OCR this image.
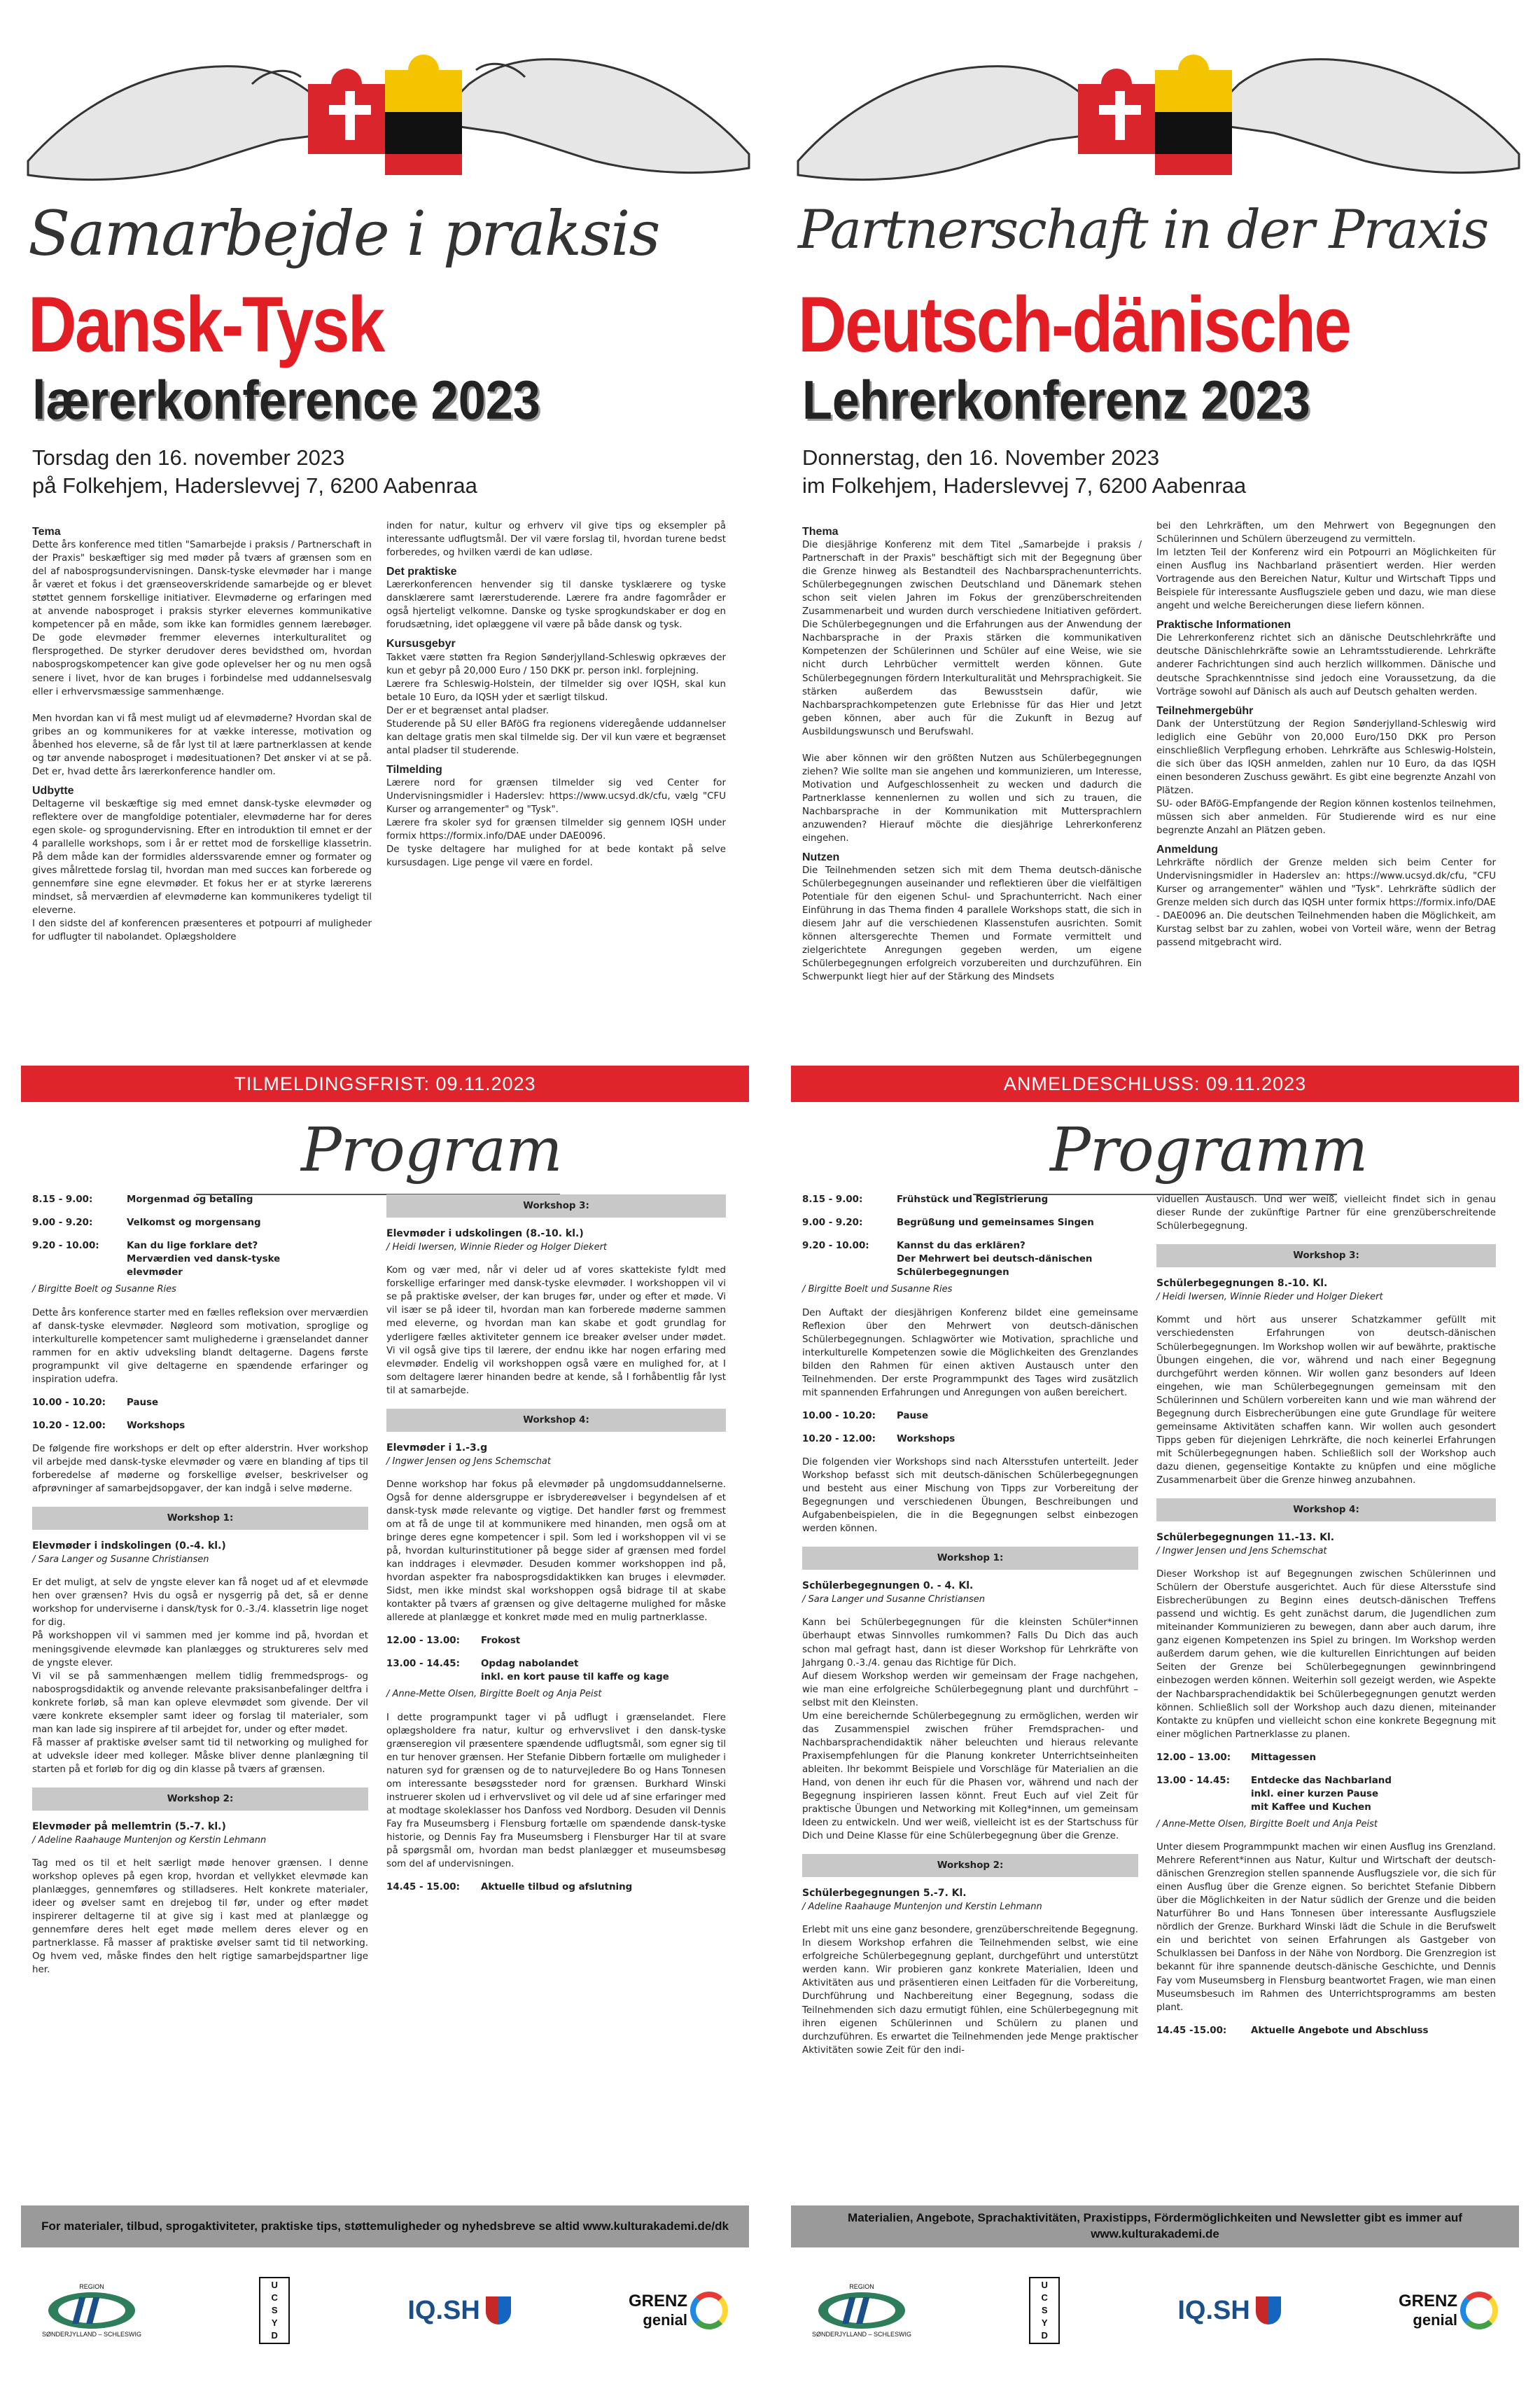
Samarbejde i praksis
Dansk-Tysk
lærerkonference 2023
Torsdag den 16. november 2023
på Folkehjem, Haderslevvej 7, 6200 Aabenraa
Tema

Dette års konference med titlen "Samarbejde i praksis / Partnerschaft in der Praxis" beskæftiger sig med møder på tværs af grænsen som en del af nabosprogsundervisningen. Dansk-tyske elevmøder har i mange år været et fokus i det grænseoverskridende samarbejde og er blevet støttet gennem forskellige initiativer. Elevmøderne og erfaringen med at anvende nabosproget i praksis styrker elevernes kommunikative kompetencer på en måde, som ikke kan formidles gennem lærebøger. De gode elevmøder fremmer elevernes interkulturalitet og flersprogethed. De styrker derudover deres bevidsthed om, hvordan nabosprogskompetencer kan give gode oplevelser her og nu men også senere i livet, hvor de kan bruges i forbindelse med uddannelsesvalg eller i erhvervsmæssige sammenhænge.

Men hvordan kan vi få mest muligt ud af elevmøderne? Hvordan skal de gribes an og kommunikeres for at vække interesse, motivation og åbenhed hos eleverne, så de får lyst til at lære partnerklassen at kende og tør anvende nabosproget i mødesituationen? Det ønsker vi at se på. Det er, hvad dette års lærerkonference handler om.

Udbytte

Deltagerne vil beskæftige sig med emnet dansk-tyske elevmøder og reflektere over de mangfoldige potentialer, elevmøderne har for deres egen skole- og sprogundervisning. Efter en introduktion til emnet er der 4 parallelle workshops, som i år er rettet mod de forskellige klassetrin. På dem måde kan der formidles alderssvarende emner og formater og gives målrettede forslag til, hvordan man med succes kan forberede og gennemføre sine egne elevmøder. Et fokus her er at styrke lærerens mindset, så merværdien af elevmøderne kan kommunikeres tydeligt til eleverne.
I den sidste del af konferencen præsenteres et potpourri af muligheder for udflugter til nabolandet. Oplægsholdere

inden for natur, kultur og erhverv vil give tips og eksempler på interessante udflugtsmål. Der vil være forslag til, hvordan turene bedst forberedes, og hvilken værdi de kan udløse.

Det praktiske

Lærerkonferencen henvender sig til danske tysklærere og tyske dansklærere samt lærerstuderende. Lærere fra andre fagområder er også hjerteligt velkomne. Danske og tyske sprogkundskaber er dog en forudsætning, idet oplæggene vil være på både dansk og tysk.

Kursusgebyr

Takket være støtten fra Region Sønderjylland-Schleswig opkræves der kun et gebyr på 20,000 Euro / 150 DKK pr. person inkl. forplejning.
Lærere fra Schleswig-Holstein, der tilmelder sig over IQSH, skal kun betale 10 Euro, da IQSH yder et særligt tilskud.
Der er et begrænset antal pladser.
Studerende på SU eller BAföG fra regionens videregående uddannelser kan deltage gratis men skal tilmelde sig. Der vil kun være et begrænset antal pladser til studerende.

Tilmelding

Lærere nord for grænsen tilmelder sig ved Center for Undervisningsmidler i Haderslev: https://www.ucsyd.dk/cfu, vælg "CFU Kurser og arrangementer" og "Tysk".
Lærere fra skoler syd for grænsen tilmelder sig gennem IQSH under formix https://formix.info/DAE under DAE0096.
De tyske deltagere har mulighed for at bede kontakt på selve kursusdagen. Lige penge vil være en fordel.

TILMELDINGSFRIST: 09.11.2023
Program
8.15 - 9.00:	Morgenmad og betaling
9.00 - 9.20:	Velkomst og morgensang
9.20 - 10.00:	Kan du lige forklare det?
Merværdien ved dansk-tyske
elevmøder
/ Birgitte Boelt og Susanne Ries
Dette års konference starter med en fælles refleksion over merværdien af dansk-tyske elevmøder. Nøgleord som motivation, sproglige og interkulturelle kompetencer samt mulighederne i grænselandet danner rammen for en aktiv udveksling blandt deltagerne. Dagens første programpunkt vil give deltagerne en spændende erfaringer og inspiration udefra.
10.00 - 10.20:	Pause
10.20 - 12.00:	Workshops
De følgende fire workshops er delt op efter alderstrin. Hver workshop vil arbejde med dansk-tyske elevmøder og være en blanding af tips til forberedelse af møderne og forskellige øvelser, beskrivelser og afprøvninger af samarbejdsopgaver, der kan indgå i selve møderne.
Workshop 1:
Elevmøder i indskolingen (0.-4. kl.)
/ Sara Langer og Susanne Christiansen
Er det muligt, at selv de yngste elever kan få noget ud af et elevmøde hen over grænsen? Hvis du også er nysgerrig på det, så er denne workshop for underviserne i dansk/tysk for 0.-3./4. klassetrin lige noget for dig.
På workshoppen vil vi sammen med jer komme ind på, hvordan et meningsgivende elevmøde kan planlægges og struktureres selv med de yngste elever.
Vi vil se på sammenhængen mellem tidlig fremmedsprogs- og nabosprogsdidaktik og anvende relevante praksisanbefalinger deltfra i konkrete forløb, så man kan opleve elevmødet som givende. Der vil være konkrete eksempler samt ideer og forslag til materialer, som man kan lade sig inspirere af til arbejdet for, under og efter mødet.
Få masser af praktiske øvelser samt tid til networking og mulighed for at udveksle ideer med kolleger. Måske bliver denne planlægning til starten på et forløb for dig og din klasse på tværs af grænsen.
Workshop 2:
Elevmøder på mellemtrin (5.-7. kl.)
/ Adeline Raahauge Muntenjon og Kerstin Lehmann
Tag med os til et helt særligt møde henover grænsen. I denne workshop opleves på egen krop, hvordan et vellykket elevmøde kan planlægges, gennemføres og stilladseres. Helt konkrete materialer, ideer og øvelser samt en drejebog til før, under og efter mødet inspirerer deltagerne til at give sig i kast med at planlægge og gennemføre deres helt eget møde mellem deres elever og en partnerklasse. Få masser af praktiske øvelser samt tid til networking. Og hvem ved, måske findes den helt rigtige samarbejdspartner lige her.
Workshop 3:
Elevmøder i udskolingen (8.-10. kl.)
/ Heidi Iwersen, Winnie Rieder og Holger Diekert
Kom og vær med, når vi deler ud af vores skattekiste fyldt med forskellige erfaringer med dansk-tyske elevmøder. I workshoppen vil vi se på praktiske øvelser, der kan bruges før, under og efter et møde. Vi vil især se på ideer til, hvordan man kan forberede møderne sammen med eleverne, og hvordan man kan skabe et godt grundlag for yderligere fælles aktiviteter gennem ice breaker øvelser under mødet. Vi vil også give tips til lærere, der endnu ikke har nogen erfaring med elevmøder. Endelig vil workshoppen også være en mulighed for, at I som deltagere lærer hinanden bedre at kende, så I forhåbentlig får lyst til at samarbejde.
Workshop 4:
Elevmøder i 1.-3.g
/ Ingwer Jensen og Jens Schemschat
Denne workshop har fokus på elevmøder på ungdomsuddannelserne. Også for denne aldersgruppe er isbrydereøvelser i begyndelsen af et dansk-tysk møde relevante og vigtige. Det handler først og fremmest om at få de unge til at kommunikere med hinanden, men også om at bringe deres egne kompetencer i spil. Som led i workshoppen vil vi se på, hvordan kulturinstitutioner på begge sider af grænsen med fordel kan inddrages i elevmøder. Desuden kommer workshoppen ind på, hvordan aspekter fra nabosprogsdidaktikken kan bruges i elevmøder. Sidst, men ikke mindst skal workshoppen også bidrage til at skabe kontakter på tværs af grænsen og give deltagerne mulighed for måske allerede at planlægge et konkret møde med en mulig partnerklasse.
12.00 - 13.00:	Frokost
13.00 - 14.45:	Opdag nabolandet
inkl. en kort pause til kaffe og kage
/ Anne-Mette Olsen, Birgitte Boelt og Anja Peist
I dette programpunkt tager vi på udflugt i grænselandet. Flere oplægsholdere fra natur, kultur og erhvervslivet i den dansk-tyske grænseregion vil præsentere spændende udflugtsmål, som egner sig til en tur henover grænsen. Her Stefanie Dibbern fortælle om muligheder i naturen syd for grænsen og de to naturvejledere Bo og Hans Tonnesen om interessante besøgssteder nord for grænsen. Burkhard Winski instruerer skolen ud i erhvervslivet og vil dele ud af sine erfaringer med at modtage skoleklasser hos Danfoss ved Nordborg. Desuden vil Dennis Fay fra Museumsberg i Flensburg fortælle om spændende dansk-tyske historie, og Dennis Fay fra Museumsberg i Flensburger Har til at svare på spørgsmål om, hvordan man bedst planlægger et museumsbesøg som del af undervisningen.
14.45 - 15.00:	Aktuelle tilbud og afslutning
For materialer, tilbud, sprogaktiviteter, praktiske tips, støttemuligheder og nyhedsbreve se altid www.kulturakademi.de/dk
REGION
SØNDERJYLLAND – SCHLESWIG
U
C
S
Y
D
IQ.SH	GRENZ
genial
Partnerschaft in der Praxis
Deutsch-dänische
Lehrerkonferenz 2023
Donnerstag, den 16. November 2023
im Folkehjem, Haderslevvej 7, 6200 Aabenraa
Thema

Die diesjährige Konferenz mit dem Titel „Samarbejde i praksis / Partnerschaft in der Praxis" beschäftigt sich mit der Begegnung über die Grenze hinweg als Bestandteil des Nachbarsprachenunterrichts. Schülerbegegnungen zwischen Deutschland und Dänemark stehen schon seit vielen Jahren im Fokus der grenzüberschreitenden Zusammenarbeit und wurden durch verschiedene Initiativen gefördert. Die Schülerbegegnungen und die Erfahrungen aus der Anwendung der Nachbarsprache in der Praxis stärken die kommunikativen Kompetenzen der Schülerinnen und Schüler auf eine Weise, wie sie nicht durch Lehrbücher vermittelt werden können. Gute Schülerbegegnungen fördern Interkulturalität und Mehrsprachigkeit. Sie stärken außerdem das Bewusstsein dafür, wie Nachbarsprachkompetenzen gute Erlebnisse für das Hier und Jetzt geben können, aber auch für die Zukunft in Bezug auf Ausbildungswunsch und Berufswahl.

Wie aber können wir den größten Nutzen aus Schülerbegegnungen ziehen? Wie sollte man sie angehen und kommunizieren, um Interesse, Motivation und Aufgeschlossenheit zu wecken und dadurch die Partnerklasse kennenlernen zu wollen und sich zu trauen, die Nachbarsprache in der Kommunikation mit Muttersprachlern anzuwenden? Hierauf möchte die diesjährige Lehrerkonferenz eingehen.

Nutzen

Die Teilnehmenden setzen sich mit dem Thema deutsch-dänische Schülerbegegnungen auseinander und reflektieren über die vielfältigen Potentiale für den eigenen Schul- und Sprachunterricht. Nach einer Einführung in das Thema finden 4 parallele Workshops statt, die sich in diesem Jahr auf die verschiedenen Klassenstufen ausrichten. Somit können altersgerechte Themen und Formate vermittelt und zielgerichtete Anregungen gegeben werden, um eigene Schülerbegegnungen erfolgreich vorzubereiten und durchzuführen. Ein Schwerpunkt liegt hier auf der Stärkung des Mindsets

bei den Lehrkräften, um den Mehrwert von Begegnungen den Schülerinnen und Schülern überzeugend zu vermitteln.
Im letzten Teil der Konferenz wird ein Potpourri an Möglichkeiten für einen Ausflug ins Nachbarland präsentiert werden. Hier werden Vortragende aus den Bereichen Natur, Kultur und Wirtschaft Tipps und Beispiele für interessante Ausflugsziele geben und dazu, wie man diese angeht und welche Bereicherungen diese liefern können.

Praktische Informationen

Die Lehrerkonferenz richtet sich an dänische Deutschlehrkräfte und deutsche Dänischlehrkräfte sowie an Lehramtsstudierende. Lehrkräfte anderer Fachrichtungen sind auch herzlich willkommen. Dänische und deutsche Sprachkenntnisse sind jedoch eine Voraussetzung, da die Vorträge sowohl auf Dänisch als auch auf Deutsch gehalten werden.

Teilnehmergebühr

Dank der Unterstützung der Region Sønderjylland-Schleswig wird lediglich eine Gebühr von 20,000 Euro/150 DKK pro Person einschließlich Verpflegung erhoben. Lehrkräfte aus Schleswig-Holstein, die sich über das IQSH anmelden, zahlen nur 10 Euro, da das IQSH einen besonderen Zuschuss gewährt. Es gibt eine begrenzte Anzahl von Plätzen.
SU- oder BAföG-Empfangende der Region können kostenlos teilnehmen, müssen sich aber anmelden. Für Studierende wird es nur eine begrenzte Anzahl an Plätzen geben.

Anmeldung

Lehrkräfte nördlich der Grenze melden sich beim Center for Undervisningsmidler in Haderslev an: https://www.ucsyd.dk/cfu, "CFU Kurser og arrangementer" wählen und "Tysk". Lehrkräfte südlich der Grenze melden sich durch das IQSH unter formix https://formix.info/DAE - DAE0096 an. Die deutschen Teilnehmenden haben die Möglichkeit, am Kurstag selbst bar zu zahlen, wobei von Vorteil wäre, wenn der Betrag passend mitgebracht wird.

ANMELDESCHLUSS: 09.11.2023
Programm
8.15 - 9.00:	Frühstück und Registrierung
9.00 - 9.20:	Begrüßung und gemeinsames Singen
9.20 - 10.00:	Kannst du das erklären?
Der Mehrwert bei deutsch-dänischen
Schülerbegegnungen
/ Birgitte Boelt und Susanne Ries
Den Auftakt der diesjährigen Konferenz bildet eine gemeinsame Reflexion über den Mehrwert von deutsch-dänischen Schülerbegegnungen. Schlagwörter wie Motivation, sprachliche und interkulturelle Kompetenzen sowie die Möglichkeiten des Grenzlandes bilden den Rahmen für einen aktiven Austausch unter den Teilnehmenden. Der erste Programmpunkt des Tages wird zusätzlich mit spannenden Erfahrungen und Anregungen von außen bereichert.
10.00 - 10.20:	Pause
10.20 - 12.00:	Workshops
Die folgenden vier Workshops sind nach Altersstufen unterteilt. Jeder Workshop befasst sich mit deutsch-dänischen Schülerbegegnungen und besteht aus einer Mischung von Tipps zur Vorbereitung der Begegnungen und verschiedenen Übungen, Beschreibungen und Aufgabenbeispielen, die in die Begegnungen selbst einbezogen werden können.
Workshop 1:
Schülerbegegnungen 0. - 4. Kl.
/ Sara Langer und Susanne Christiansen
Kann bei Schülerbegegnungen für die kleinsten Schüler*innen überhaupt etwas Sinnvolles rumkommen? Falls Du Dich das auch schon mal gefragt hast, dann ist dieser Workshop für Lehrkräfte von Jahrgang 0.-3./4. genau das Richtige für Dich.
Auf diesem Workshop werden wir gemeinsam der Frage nachgehen, wie man eine erfolgreiche Schülerbegegnung plant und durchführt – selbst mit den Kleinsten.
Um eine bereichernde Schülerbegegnung zu ermöglichen, werden wir das Zusammenspiel zwischen früher Fremdsprachen- und Nachbarsprachendidaktik näher beleuchten und hieraus relevante Praxisempfehlungen für die Planung konkreter Unterrichtseinheiten ableiten. Ihr bekommt Beispiele und Vorschläge für Materialien an die Hand, von denen ihr euch für die Phasen vor, während und nach der Begegnung inspirieren lassen könnt. Freut Euch auf viel Zeit für praktische Übungen und Networking mit Kolleg*innen, um gemeinsam Ideen zu entwickeln. Und wer weiß, vielleicht ist es der Startschuss für Dich und Deine Klasse für eine Schülerbegegnung über die Grenze.
Workshop 2:
Schülerbegegnungen 5.-7. Kl.
/ Adeline Raahauge Muntenjon und Kerstin Lehmann
Erlebt mit uns eine ganz besondere, grenzüberschreitende Begegnung. In diesem Workshop erfahren die Teilnehmenden selbst, wie eine erfolgreiche Schülerbegegnung geplant, durchgeführt und unterstützt werden kann. Wir probieren ganz konkrete Materialien, Ideen und Aktivitäten aus und präsentieren einen Leitfaden für die Vorbereitung, Durchführung und Nachbereitung einer Begegnung, sodass die Teilnehmenden sich dazu ermutigt fühlen, eine Schülerbegegnung mit ihren eigenen Schülerinnen und Schülern zu planen und durchzuführen. Es erwartet die Teilnehmenden jede Menge praktischer Aktivitäten sowie Zeit für den indi-
viduellen Austausch. Und wer weiß, vielleicht findet sich in genau dieser Runde der zukünftige Partner für eine grenzüberschreitende Schülerbegegnung.
Workshop 3:
Schülerbegegnungen 8.-10. Kl.
/ Heidi Iwersen, Winnie Rieder und Holger Diekert
Kommt und hört aus unserer Schatzkammer gefüllt mit verschiedensten Erfahrungen von deutsch-dänischen Schülerbegegnungen. Im Workshop wollen wir auf bewährte, praktische Übungen eingehen, die vor, während und nach einer Begegnung durchgeführt werden können. Wir wollen ganz besonders auf Ideen eingehen, wie man Schülerbegegnungen gemeinsam mit den Schülerinnen und Schülern vorbereiten kann und wie man während der Begegnung durch Eisbrecherübungen eine gute Grundlage für weitere gemeinsame Aktivitäten schaffen kann. Wir wollen auch gesondert Tipps geben für diejenigen Lehrkräfte, die noch keinerlei Erfahrungen mit Schülerbegegnungen haben. Schließlich soll der Workshop auch dazu dienen, gegenseitige Kontakte zu knüpfen und eine mögliche Zusammenarbeit über die Grenze hinweg anzubahnen.
Workshop 4:
Schülerbegegnungen 11.-13. Kl.
/ Ingwer Jensen und Jens Schemschat
Dieser Workshop ist auf Begegnungen zwischen Schülerinnen und Schülern der Oberstufe ausgerichtet. Auch für diese Altersstufe sind Eisbrecherübungen zu Beginn eines deutsch-dänischen Treffens passend und wichtig. Es geht zunächst darum, die Jugendlichen zum miteinander Kommunizieren zu bewegen, dann aber auch darum, ihre ganz eigenen Kompetenzen ins Spiel zu bringen. Im Workshop werden außerdem darum gehen, wie die kulturellen Einrichtungen auf beiden Seiten der Grenze bei Schülerbegegnungen gewinnbringend einbezogen werden können. Weiterhin soll gezeigt werden, wie Aspekte der Nachbarsprachendidaktik bei Schülerbegegnungen genutzt werden können. Schließlich soll der Workshop auch dazu dienen, miteinander Kontakte zu knüpfen und vielleicht schon eine konkrete Begegnung mit einer möglichen Partnerklasse zu planen.
12.00 – 13.00:	Mittagessen
13.00 - 14.45:	Entdecke das Nachbarland
inkl. einer kurzen Pause
mit Kaffee und Kuchen
/ Anne-Mette Olsen, Birgitte Boelt und Anja Peist
Unter diesem Programmpunkt machen wir einen Ausflug ins Grenzland. Mehrere Referent*innen aus Natur, Kultur und Wirtschaft der deutsch-dänischen Grenzregion stellen spannende Ausflugsziele vor, die sich für einen Ausflug über die Grenze eignen. So berichtet Stefanie Dibbern über die Möglichkeiten in der Natur südlich der Grenze und die beiden Naturführer Bo und Hans Tonnesen über interessante Ausflugsziele nördlich der Grenze. Burkhard Winski lädt die Schule in die Berufswelt ein und berichtet von seinen Erfahrungen als Gastgeber von Schulklassen bei Danfoss in der Nähe von Nordborg. Die Grenzregion ist bekannt für ihre spannende deutsch-dänische Geschichte, und Dennis Fay vom Museumsberg in Flensburg beantwortet Fragen, wie man einen Museumsbesuch im Rahmen des Unterrichtsprogramms am besten plant.
14.45 -15.00:	Aktuelle Angebote und Abschluss
Materialien, Angebote, Sprachaktivitäten, Praxistipps, Fördermöglichkeiten und Newsletter gibt es immer auf www.kulturakademi.de
REGION
SØNDERJYLLAND – SCHLESWIG
U
C
S
Y
D
IQ.SH	GRENZ
genial
